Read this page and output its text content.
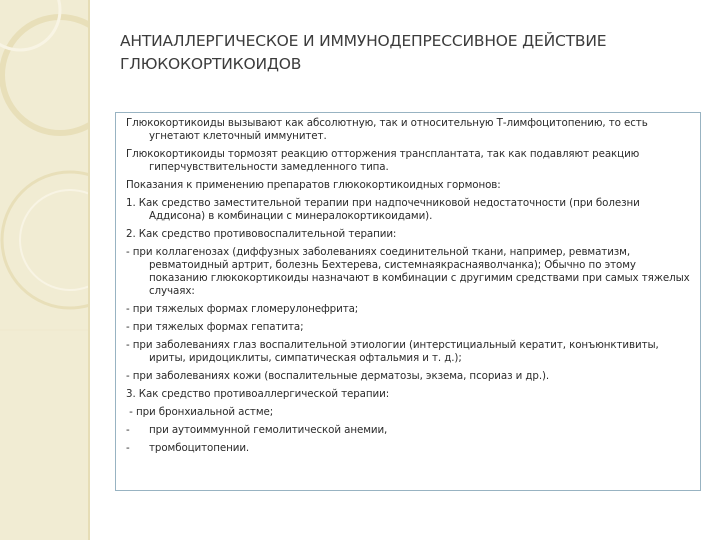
АНТИАЛЛЕРГИЧЕСКОЕ И ИММУНОДЕПРЕССИВНОЕ ДЕЙСТВИЕ ГЛЮКОКОРТИКОИДОВ

Глюкокортикоиды вызывают как абсолютную, так и относительную Т-лимфоцитопению, то есть угнетают клеточный иммунитет.

Глюкокортикоиды тормозят реакцию отторжения трансплантата, так как подавляют реакцию гиперчувствительности замедленного типа.

Показания к применению препаратов глюкокортикоидных гормонов:

1. Как средство заместительной терапии при надпочечниковой недостаточности (при болезни Аддисона) в комбинации с минералокортикоидами).

2. Как средство противовоспалительной терапии:

- при коллагенозах (диффузных заболеваниях соединительной ткани, например, ревматизм, ревматоидный артрит, болезнь Бехтерева, системнаякраснаяволчанка); Обычно по этому показанию глюкокортикоиды назначают в комбинации с другимим средствами при самых тяжелых случаях:

- при тяжелых формах гломерулонефрита;

- при тяжелых формах гепатита;

- при заболеваниях глаз воспалительной этиологии (интерстициальный кератит, конъюнктивиты, ириты, иридоциклиты, симпатическая офтальмия и т. д.);

- при заболеваниях кожи (воспалительные дерматозы, экзема, псориаз и др.).

3. Как средство противоаллергической терапии:

- при бронхиальной астме;

- при аутоиммунной гемолитической анемии,

- тромбоцитопении.
